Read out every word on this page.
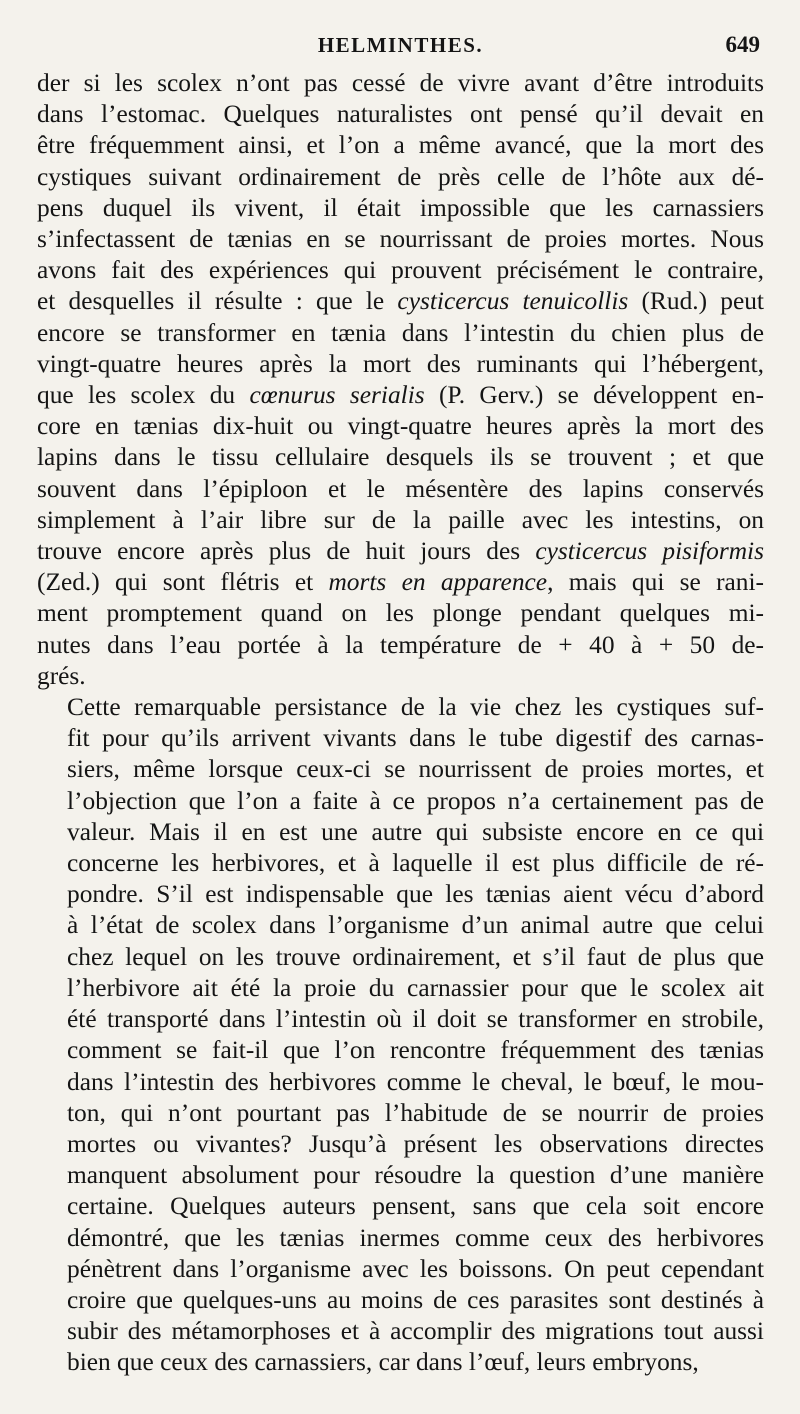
HELMINTHES.	649

der si les scolex n’ont pas cessé de vivre avant d’être introduits
dans l’estomac. Quelques naturalistes ont pensé qu’il devait en
être fréquemment ainsi, et l’on a même avancé, que la mort des
cystiques suivant ordinairement de près celle de l’hôte aux dé-
pens duquel ils vivent, il était impossible que les carnassiers
s’infectassent de tænias en se nourrissant de proies mortes. Nous
avons fait des expériences qui prouvent précisément le contraire,
et desquelles il résulte : que le cysticercus tenuicollis (Rud.) peut
encore se transformer en tænia dans l’intestin du chien plus de
vingt-quatre heures après la mort des ruminants qui l’hébergent,
que les scolex du cœnurus serialis (P. Gerv.) se développent en-
core en tænias dix-huit ou vingt-quatre heures après la mort des
lapins dans le tissu cellulaire desquels ils se trouvent ; et que
souvent dans l’épiploon et le mésentère des lapins conservés
simplement à l’air libre sur de la paille avec les intestins, on
trouve encore après plus de huit jours des cysticercus pisiformis
(Zed.) qui sont flétris et morts en apparence, mais qui se rani-
ment promptement quand on les plonge pendant quelques mi-
nutes dans l’eau portée à la température de + 40 à + 50 de-
grés.

Cette remarquable persistance de la vie chez les cystiques suf-
fit pour qu’ils arrivent vivants dans le tube digestif des carnas-
siers, même lorsque ceux-ci se nourrissent de proies mortes, et
l’objection que l’on a faite à ce propos n’a certainement pas de
valeur. Mais il en est une autre qui subsiste encore en ce qui
concerne les herbivores, et à laquelle il est plus difficile de ré-
pondre. S’il est indispensable que les tænias aient vécu d’abord
à l’état de scolex dans l’organisme d’un animal autre que celui
chez lequel on les trouve ordinairement, et s’il faut de plus que
l’herbivore ait été la proie du carnassier pour que le scolex ait
été transporté dans l’intestin où il doit se transformer en strobile,
comment se fait-il que l’on rencontre fréquemment des tænias
dans l’intestin des herbivores comme le cheval, le bœuf, le mou-
ton, qui n’ont pourtant pas l’habitude de se nourrir de proies
mortes ou vivantes? Jusqu’à présent les observations directes
manquent absolument pour résoudre la question d’une manière
certaine. Quelques auteurs pensent, sans que cela soit encore
démontré, que les tænias inermes comme ceux des herbivores
pénètrent dans l’organisme avec les boissons. On peut cependant
croire que quelques-uns au moins de ces parasites sont destinés à
subir des métamorphoses et à accomplir des migrations tout aussi
bien que ceux des carnassiers, car dans l’œuf, leurs embryons,
